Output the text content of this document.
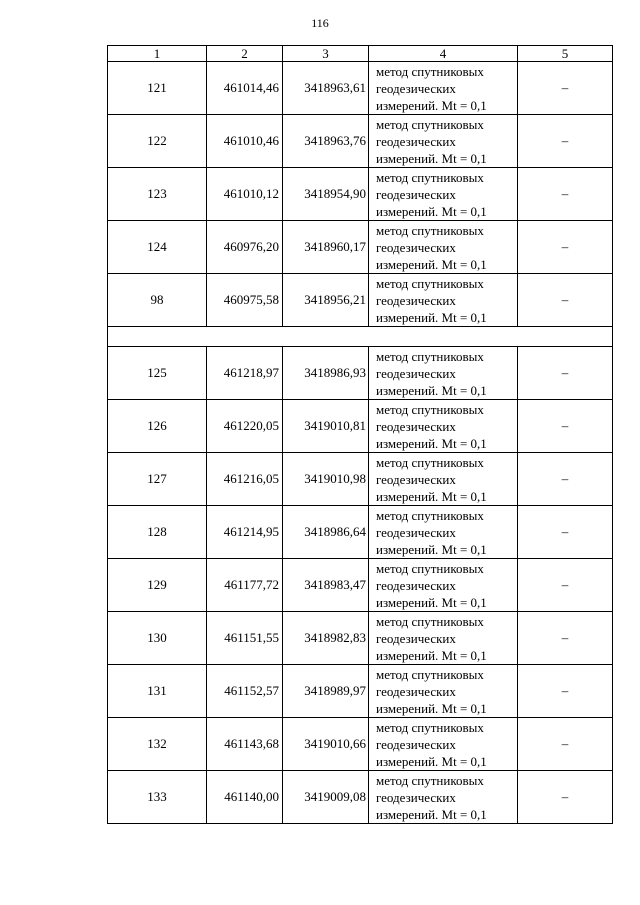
116
1	2	3	4	5
121	461014,46	3418963,61	метод спутниковых
геодезических
измерений. Mt = 0,1	–
122	461010,46	3418963,76	метод спутниковых
геодезических
измерений. Mt = 0,1	–
123	461010,12	3418954,90	метод спутниковых
геодезических
измерений. Mt = 0,1	–
124	460976,20	3418960,17	метод спутниковых
геодезических
измерений. Mt = 0,1	–
98	460975,58	3418956,21	метод спутниковых
геодезических
измерений. Mt = 0,1	–

125	461218,97	3418986,93	метод спутниковых
геодезических
измерений. Mt = 0,1	–
126	461220,05	3419010,81	метод спутниковых
геодезических
измерений. Mt = 0,1	–
127	461216,05	3419010,98	метод спутниковых
геодезических
измерений. Mt = 0,1	–
128	461214,95	3418986,64	метод спутниковых
геодезических
измерений. Mt = 0,1	–
129	461177,72	3418983,47	метод спутниковых
геодезических
измерений. Mt = 0,1	–
130	461151,55	3418982,83	метод спутниковых
геодезических
измерений. Mt = 0,1	–
131	461152,57	3418989,97	метод спутниковых
геодезических
измерений. Mt = 0,1	–
132	461143,68	3419010,66	метод спутниковых
геодезических
измерений. Mt = 0,1	–
133	461140,00	3419009,08	метод спутниковых
геодезических
измерений. Mt = 0,1	–
